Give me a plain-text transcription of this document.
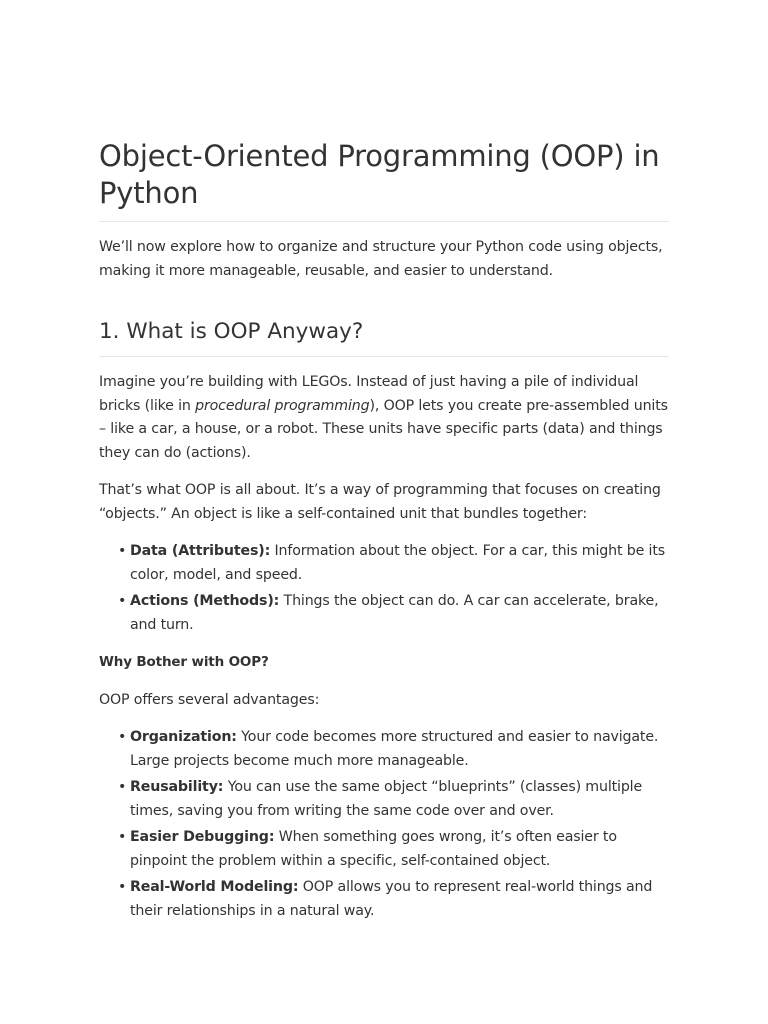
Object-Oriented Programming (OOP) in Python

We’ll now explore how to organize and structure your Python code using objects, making it more manageable, reusable, and easier to understand.

1. What is OOP Anyway?

Imagine you’re building with LEGOs. Instead of just having a pile of individual bricks (like in procedural programming), OOP lets you create pre-assembled units – like a car, a house, or a robot. These units have specific parts (data) and things they can do (actions).

That’s what OOP is all about. It’s a way of programming that focuses on creating “objects.” An object is like a self-contained unit that bundles together:

• Data (Attributes): Information about the object. For a car, this might be its color, model, and speed.
• Actions (Methods): Things the object can do. A car can accelerate, brake, and turn.

Why Bother with OOP?

OOP offers several advantages:

• Organization: Your code becomes more structured and easier to navigate. Large projects become much more manageable.
• Reusability: You can use the same object “blueprints” (classes) multiple times, saving you from writing the same code over and over.
• Easier Debugging: When something goes wrong, it’s often easier to pinpoint the problem within a specific, self-contained object.
• Real-World Modeling: OOP allows you to represent real-world things and their relationships in a natural way.
